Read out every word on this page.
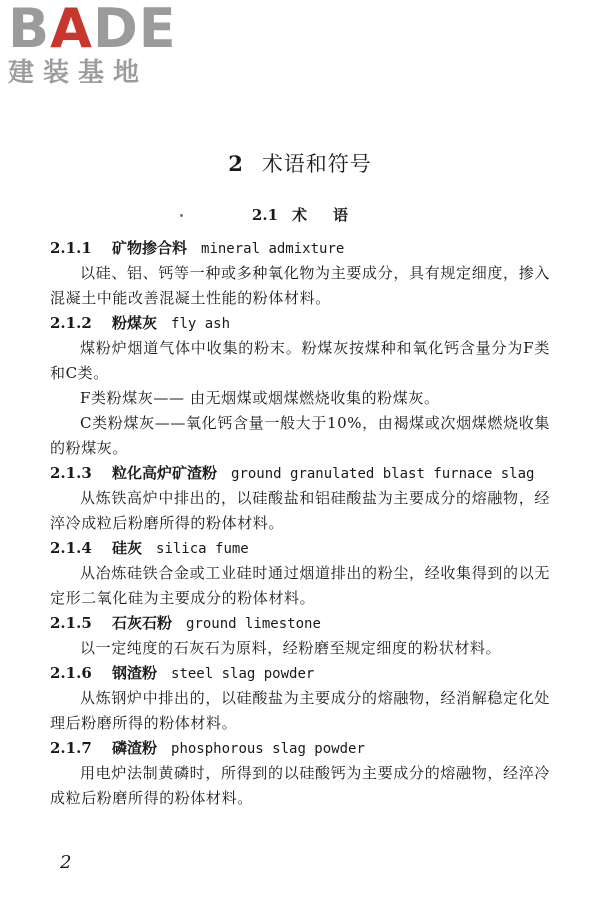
BADE
建装基地
2 术语和符号
2.1 术 语
2.1.1 矿物掺合料 mineral admixture
以硅、铝、钙等一种或多种氧化物为主要成分，具有规定细度，掺入混凝土中能改善混凝土性能的粉体材料。
2.1.2 粉煤灰 fly ash
煤粉炉烟道气体中收集的粉末。粉煤灰按煤种和氧化钙含量分为F类和C类。
F类粉煤灰—— 由无烟煤或烟煤燃烧收集的粉煤灰。
C类粉煤灰——氧化钙含量一般大于10%，由褐煤或次烟煤燃烧收集的粉煤灰。
2.1.3 粒化高炉矿渣粉 ground granulated blast furnace slag
从炼铁高炉中排出的，以硅酸盐和铝硅酸盐为主要成分的熔融物，经淬冷成粒后粉磨所得的粉体材料。
2.1.4 硅灰 silica fume
从冶炼硅铁合金或工业硅时通过烟道排出的粉尘，经收集得到的以无定形二氧化硅为主要成分的粉体材料。
2.1.5 石灰石粉 ground limestone
以一定纯度的石灰石为原料，经粉磨至规定细度的粉状材料。
2.1.6 钢渣粉 steel slag powder
从炼钢炉中排出的，以硅酸盐为主要成分的熔融物，经消解稳定化处理后粉磨所得的粉体材料。
2.1.7 磷渣粉 phosphorous slag powder
用电炉法制黄磷时，所得到的以硅酸钙为主要成分的熔融物，经淬冷成粒后粉磨所得的粉体材料。
2
